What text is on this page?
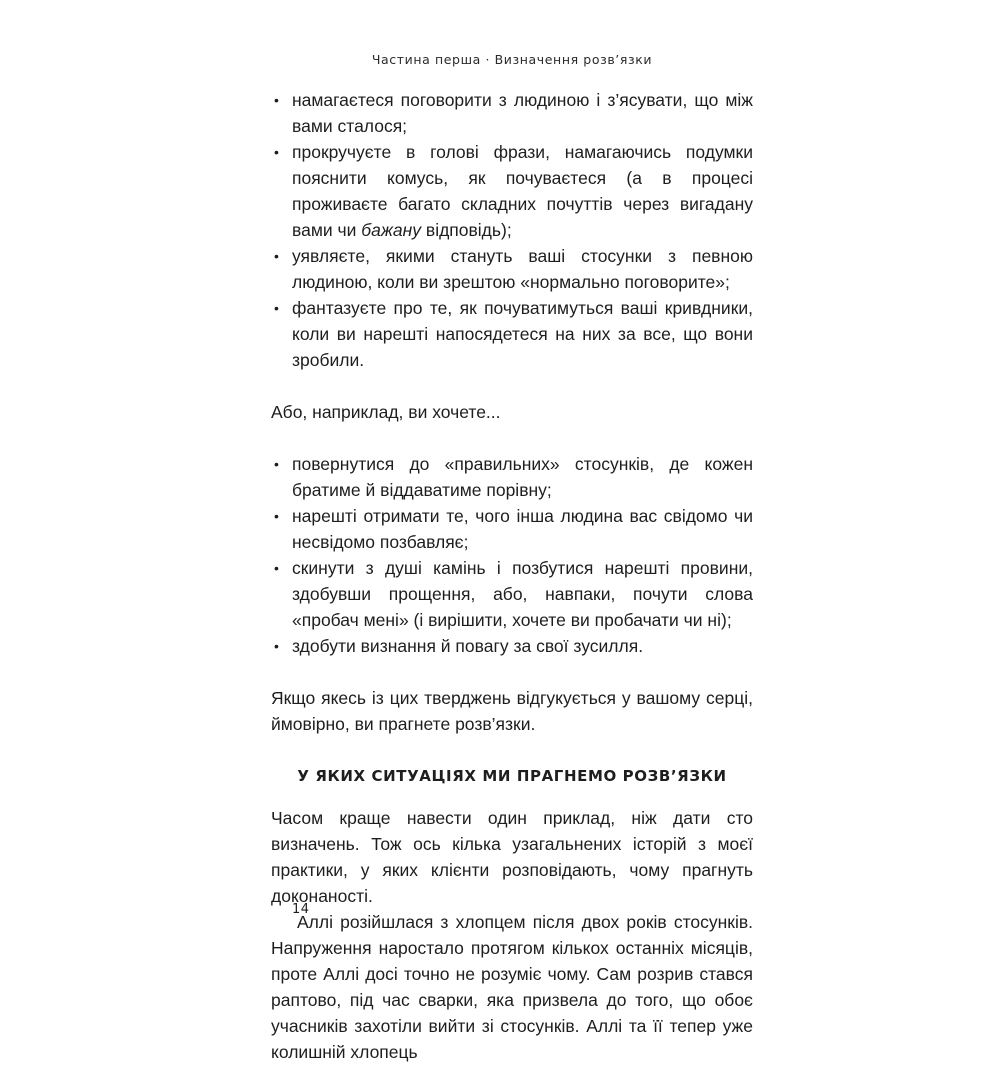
Частина перша · Визначення розв’язки

• намагаєтеся поговорити з людиною і з’ясувати, що між вами сталося;
• прокручуєте в голові фрази, намагаючись подумки пояснити комусь, як почуваєтеся (а в процесі проживаєте багато складних почуттів через вигадану вами чи бажану відповідь);
• уявляєте, якими стануть ваші стосунки з певною людиною, коли ви зрештою «нормально поговорите»;
• фантазуєте про те, як почуватимуться ваші кривдники, коли ви нарешті напосядетеся на них за все, що вони зробили.

Або, наприклад, ви хочете...

• повернутися до «правильних» стосунків, де кожен братиме й віддаватиме порівну;
• нарешті отримати те, чого інша людина вас свідомо чи несвідомо позбавляє;
• скинути з душі камінь і позбутися нарешті провини, здобувши прощення, або, навпаки, почути слова «пробач мені» (і вирішити, хочете ви пробачати чи ні);
• здобути визнання й повагу за свої зусилля.

Якщо якесь із цих тверджень відгукується у вашому серці, ймовірно, ви прагнете розв’язки.

У ЯКИХ СИТУАЦІЯХ МИ ПРАГНЕМО РОЗВ’ЯЗКИ

Часом краще навести один приклад, ніж дати сто визначень. Тож ось кілька узагальнених історій з моєї практики, у яких клієнти розповідають, чому прагнуть доконаності.

Аллі розійшлася з хлопцем після двох років стосунків. Напруження наростало протягом кількох останніх місяців, проте Аллі досі точно не розуміє чому. Сам розрив стався раптово, під час сварки, яка призвела до того, що обоє учасників захотіли вийти зі стосунків. Аллі та її тепер уже колишній хлопець

14
